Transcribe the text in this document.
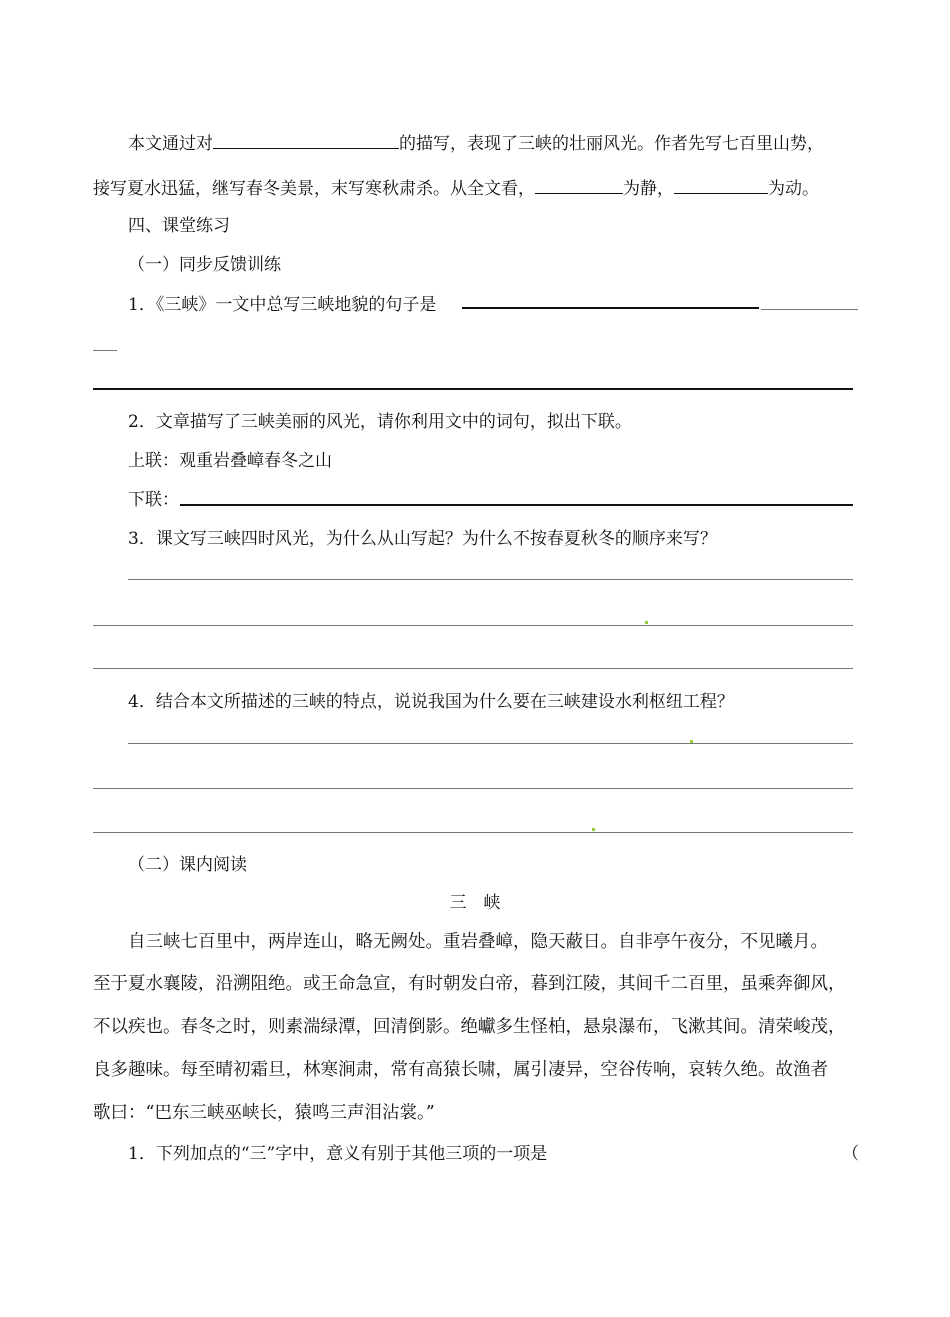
本文通过对	的描写，表现了三峡的壮丽风光。作者先写七百里山势，
接写夏水迅猛，继写春冬美景，末写寒秋肃杀。从全文看，	为静，	为动。
四、课堂练习
（一）同步反馈训练
1．《三峡》一文中总写三峡地貌的句子是
2．文章描写了三峡美丽的风光，请你利用文中的词句，拟出下联。
上联：观重岩叠嶂春冬之山
下联：
3．课文写三峡四时风光，为什么从山写起？为什么不按春夏秋冬的顺序来写？
4．结合本文所描述的三峡的特点，说说我国为什么要在三峡建设水利枢纽工程？
（二）课内阅读
三　峡
自三峡七百里中，两岸连山，略无阙处。重岩叠嶂，隐天蔽日。自非亭午夜分，不见曦月。
至于夏水襄陵，沿溯阻绝。或王命急宣，有时朝发白帝，暮到江陵，其间千二百里，虽乘奔御风，
不以疾也。春冬之时，则素湍绿潭，回清倒影。绝巘多生怪柏，悬泉瀑布，飞漱其间。清荣峻茂，
良多趣味。每至晴初霜旦，林寒涧肃，常有高猿长啸，属引凄异，空谷传响，哀转久绝。故渔者
歌曰：“巴东三峡巫峡长，猿鸣三声泪沾裳。”
1．下列加点的“三”字中，意义有别于其他三项的一项是	（
